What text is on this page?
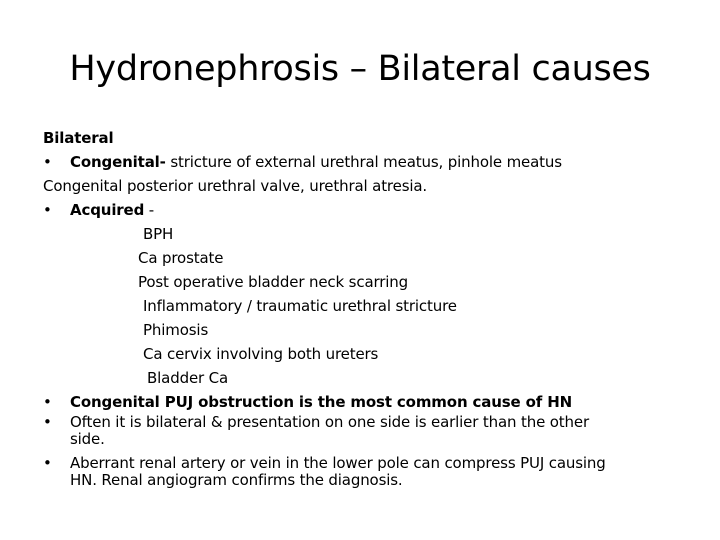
Hydronephrosis – Bilateral causes
Bilateral
• Congenital- stricture of external urethral meatus, pinhole meatus
Congenital posterior urethral valve, urethral atresia.
• Acquired -
BPH
Ca prostate
Post operative bladder neck scarring
Inflammatory / traumatic urethral stricture
Phimosis
Ca cervix involving both ureters
Bladder Ca
• Congenital PUJ obstruction is the most common cause of HN
• Often it is bilateral & presentation on one side is earlier than the other
side.
• Aberrant renal artery or vein in the lower pole can compress PUJ causing
HN. Renal angiogram confirms the diagnosis.
